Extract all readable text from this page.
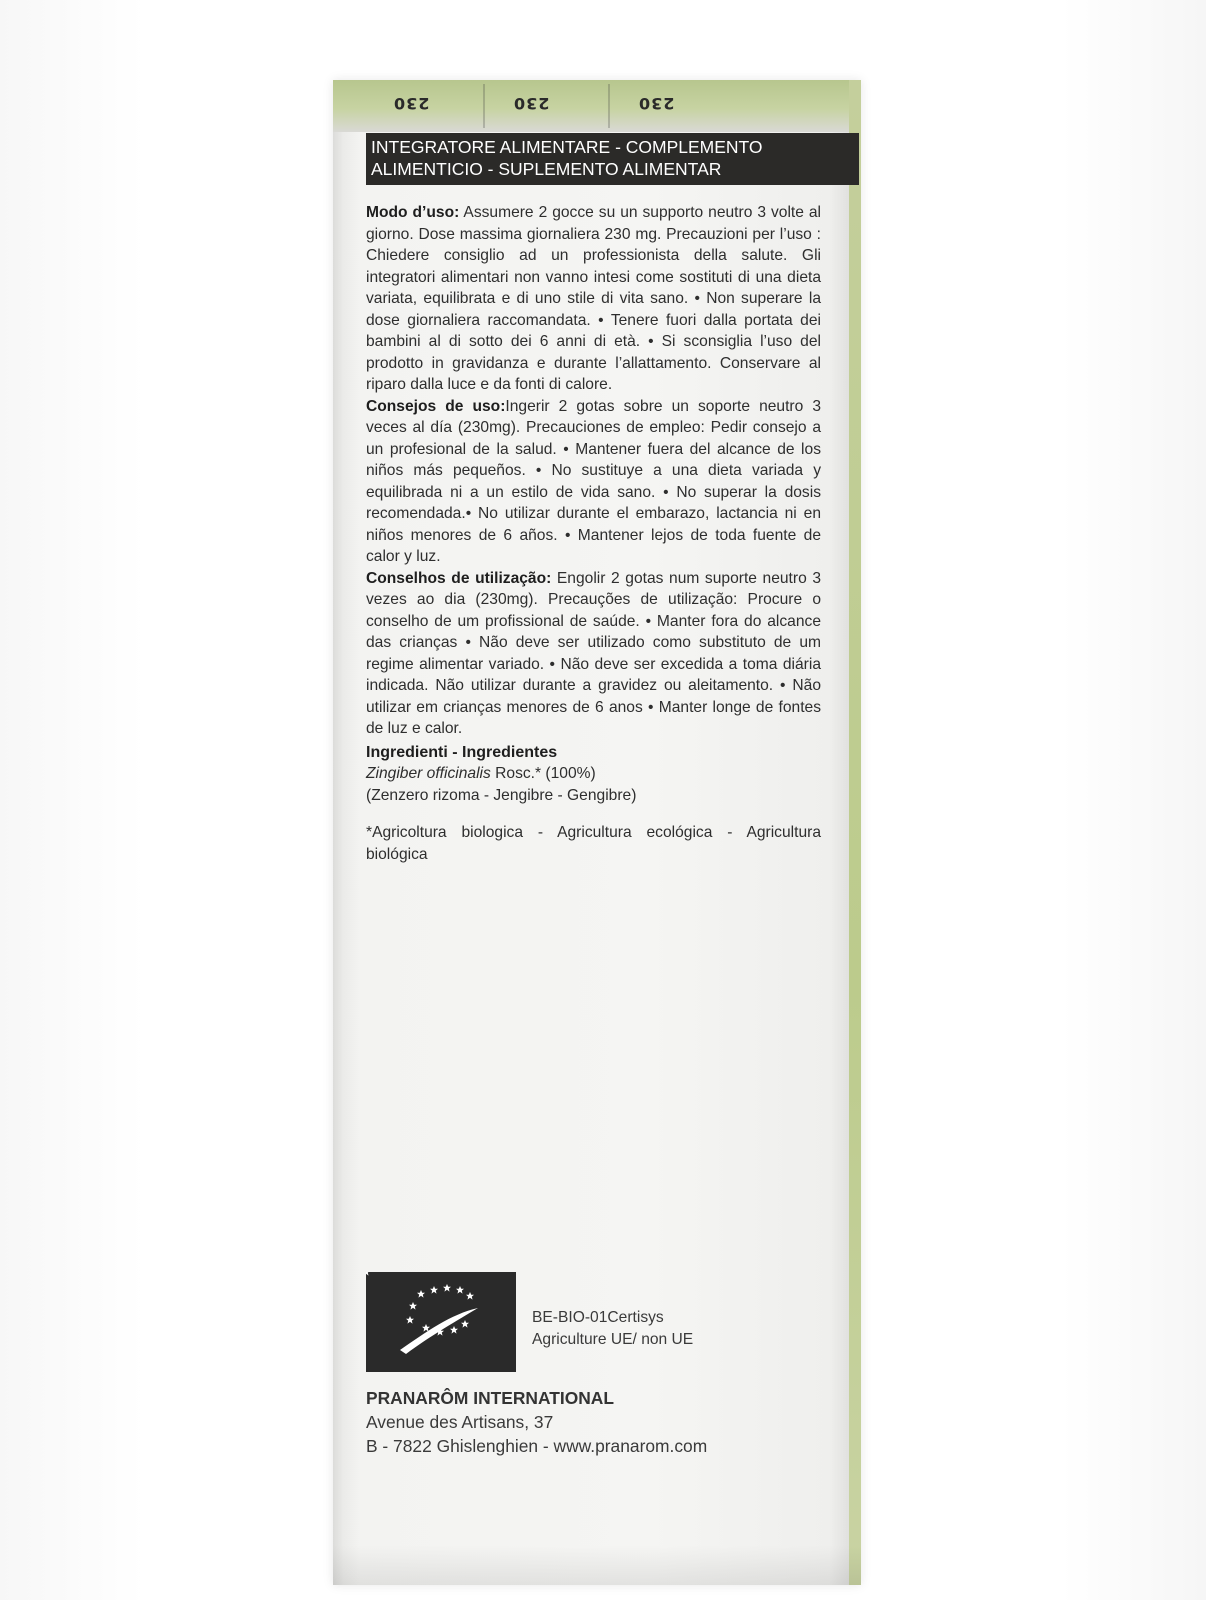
230	230	230
INTEGRATORE ALIMENTARE - COMPLEMENTO
ALIMENTICIO - SUPLEMENTO ALIMENTAR

Modo d’uso: Assumere 2 gocce su un supporto neutro 3 volte al giorno. Dose massima giornaliera 230 mg. Precauzioni per l’uso : Chiedere consiglio ad un professionista della salute. Gli integratori alimentari non vanno intesi come sostituti di una dieta variata, equilibrata e di uno stile di vita sano. • Non superare la dose giornaliera raccomandata. • Tenere fuori dalla portata dei bambini al di sotto dei 6 anni di età. • Si sconsiglia l’uso del prodotto in gravidanza e durante l’allattamento. Conservare al riparo dalla luce e da fonti di calore.

Consejos de uso:Ingerir 2 gotas sobre un soporte neutro 3 veces al día (230mg). Precauciones de empleo: Pedir consejo a un profesional de la salud. • Mantener fuera del alcance de los niños más pequeños. • No sustituye a una dieta variada y equilibrada ni a un estilo de vida sano. • No superar la dosis recomendada.• No utilizar durante el embarazo, lactancia ni en niños menores de 6 años. • Mantener lejos de toda fuente de calor y luz.

Conselhos de utilização: Engolir 2 gotas num suporte neutro 3 vezes ao dia (230mg). Precauções de utilização: Procure o conselho de um profissional de saúde. • Manter fora do alcance das crianças • Não deve ser utilizado como substituto de um regime alimentar variado. • Não deve ser excedida a toma diária indicada. Não utilizar durante a gravidez ou aleitamento. • Não utilizar em crianças menores de 6 anos • Manter longe de fontes de luz e calor.

Ingredienti - Ingredientes

Zingiber officinalis Rosc.* (100%)

(Zenzero rizoma - Jengibre - Gengibre)

*Agricoltura biologica - Agricultura ecológica - Agricultura biológica

BE-BIO-01Certisys
Agriculture UE/ non UE
PRANARÔM INTERNATIONAL
Avenue des Artisans, 37
B - 7822 Ghislenghien - www.pranarom.com
